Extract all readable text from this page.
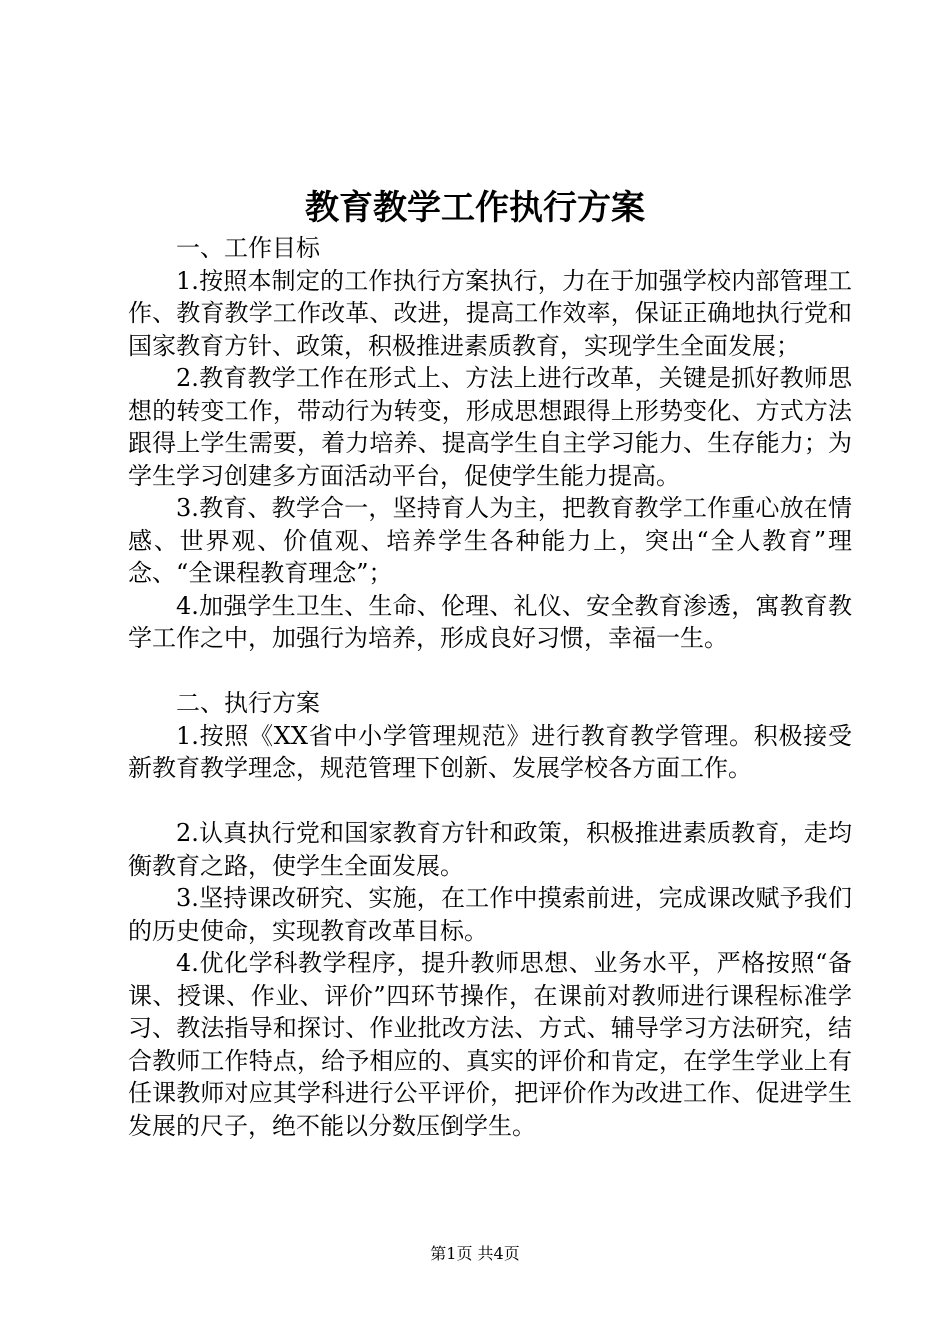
教育教学工作执行方案

一、工作目标

1.按照本制定的工作执行方案执行，力在于加强学校内部管理工作、教育教学工作改革、改进，提高工作效率，保证正确地执行党和国家教育方针、政策，积极推进素质教育，实现学生全面发展；

2.教育教学工作在形式上、方法上进行改革，关键是抓好教师思想的转变工作，带动行为转变，形成思想跟得上形势变化、方式方法跟得上学生需要，着力培养、提高学生自主学习能力、生存能力；为学生学习创建多方面活动平台，促使学生能力提高。

3.教育、教学合一，坚持育人为主，把教育教学工作重心放在情感、世界观、价值观、培养学生各种能力上，突出“全人教育”理念、“全课程教育理念”；

4.加强学生卫生、生命、伦理、礼仪、安全教育渗透，寓教育教学工作之中，加强行为培养，形成良好习惯，幸福一生。

二、执行方案

1.按照《XX省中小学管理规范》进行教育教学管理。积极接受新教育教学理念，规范管理下创新、发展学校各方面工作。

2.认真执行党和国家教育方针和政策，积极推进素质教育，走均衡教育之路，使学生全面发展。

3.坚持课改研究、实施，在工作中摸索前进，完成课改赋予我们的历史使命，实现教育改革目标。

4.优化学科教学程序，提升教师思想、业务水平，严格按照“备课、授课、作业、评价”四环节操作，在课前对教师进行课程标准学习、教法指导和探讨、作业批改方法、方式、辅导学习方法研究，结合教师工作特点，给予相应的、真实的评价和肯定，在学生学业上有任课教师对应其学科进行公平评价，把评价作为改进工作、促进学生发展的尺子，绝不能以分数压倒学生。

第1页 共4页
